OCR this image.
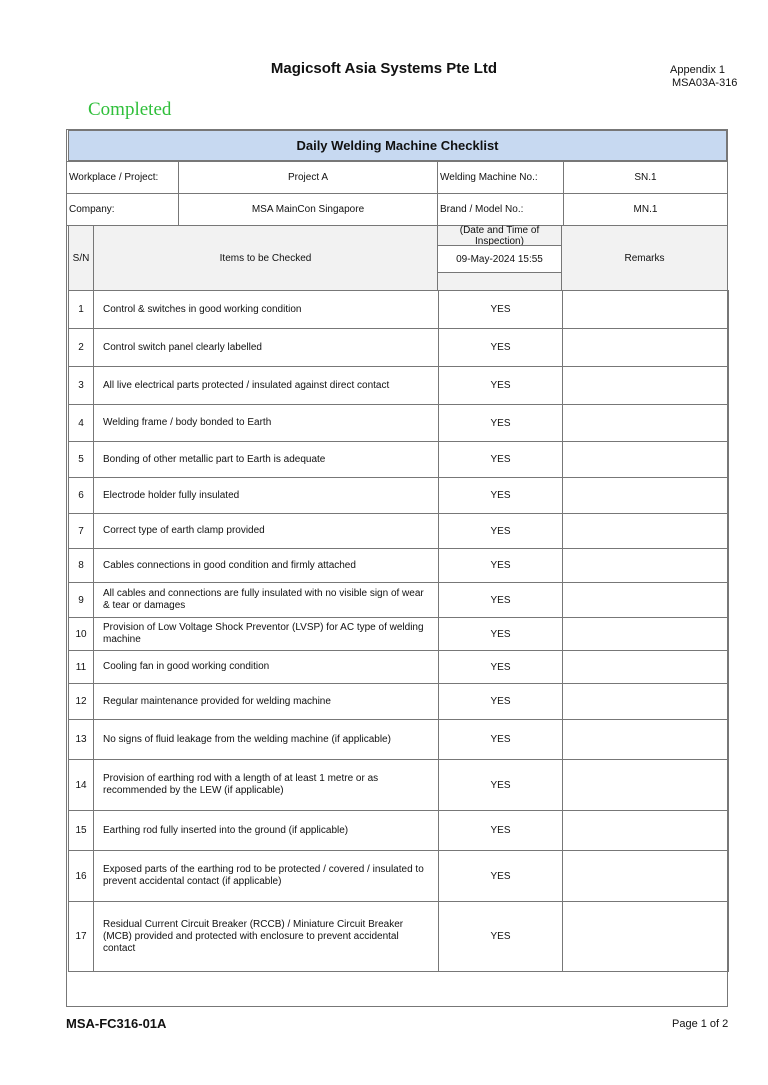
Magicsoft Asia Systems Pte Ltd	Appendix 1
MSA03A-316
Completed
Daily Welding Machine Checklist
Workplace / Project:	Project A	Welding Machine No.:	SN.1
Company:	MSA MainCon Singapore	Brand / Model No.:	MN.1
S/N	Items to be Checked
(Date and Time of Inspection)
09-May-2024 15:55	Remarks
1	Control & switches in good working condition	YES	
2	Control switch panel clearly labelled	YES	
3	All live electrical parts protected / insulated against direct contact	YES	
4	Welding frame / body bonded to Earth	YES	
5	Bonding of other metallic part to Earth is adequate	YES	
6	Electrode holder fully insulated	YES	
7	Correct type of earth clamp provided	YES	
8	Cables connections in good condition and firmly attached	YES	
9	All cables and connections are fully insulated with no visible sign of wear & tear or damages	YES	
10	Provision of Low Voltage Shock Preventor (LVSP) for AC type of welding machine	YES	
11	Cooling fan in good working condition	YES	
12	Regular maintenance provided for welding machine	YES	
13	No signs of fluid leakage from the welding machine (if applicable)	YES	
14	Provision of earthing rod with a length of at least 1 metre or as recommended by the LEW (if applicable)	YES	
15	Earthing rod fully inserted into the ground (if applicable)	YES	
16	Exposed parts of the earthing rod to be protected / covered / insulated to prevent accidental contact (if applicable)	YES	
17	Residual Current Circuit Breaker (RCCB) / Miniature Circuit Breaker (MCB) provided and protected with enclosure to prevent accidental contact	YES	
MSA-FC316-01A	Page 1 of 2
